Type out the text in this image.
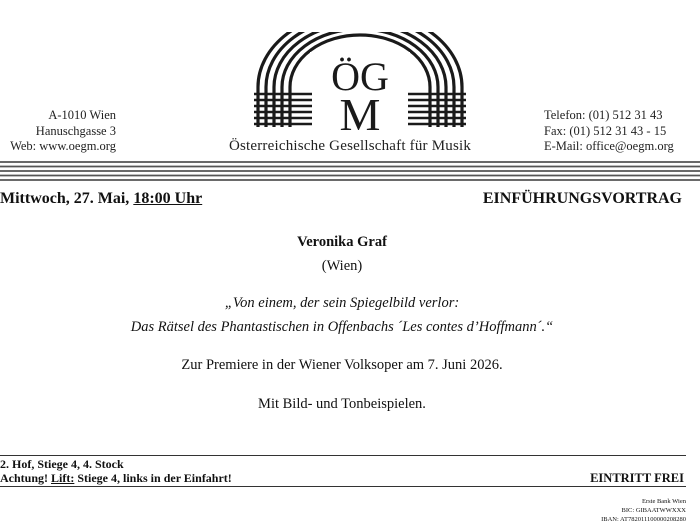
A-1010 Wien
Hanuschgasse 3
Web: www.oegm.org
ÖG
M	Telefon: (01) 512 31 43
Fax: (01) 512 31 43 - 15
E-Mail: office@oegm.org
Österreichische Gesellschaft für Musik
Mittwoch, 27. Mai, 18:00 Uhr	EINFÜHRUNGSVORTRAG
Veronika Graf
(Wien)
„Von einem, der sein Spiegelbild verlor:
Das Rätsel des Phantastischen in Offenbachs ´Les contes d’Hoffmann´.“
Zur Premiere in der Wiener Volksoper am 7. Juni 2026.
Mit Bild- und Tonbeispielen.
2. Hof, Stiege 4, 4. Stock
Achtung! Lift: Stiege 4, links in der Einfahrt!	EINTRITT FREI
Erste Bank Wien
BIC: GIBAATWWXXX
IBAN: AT782011100000208280
